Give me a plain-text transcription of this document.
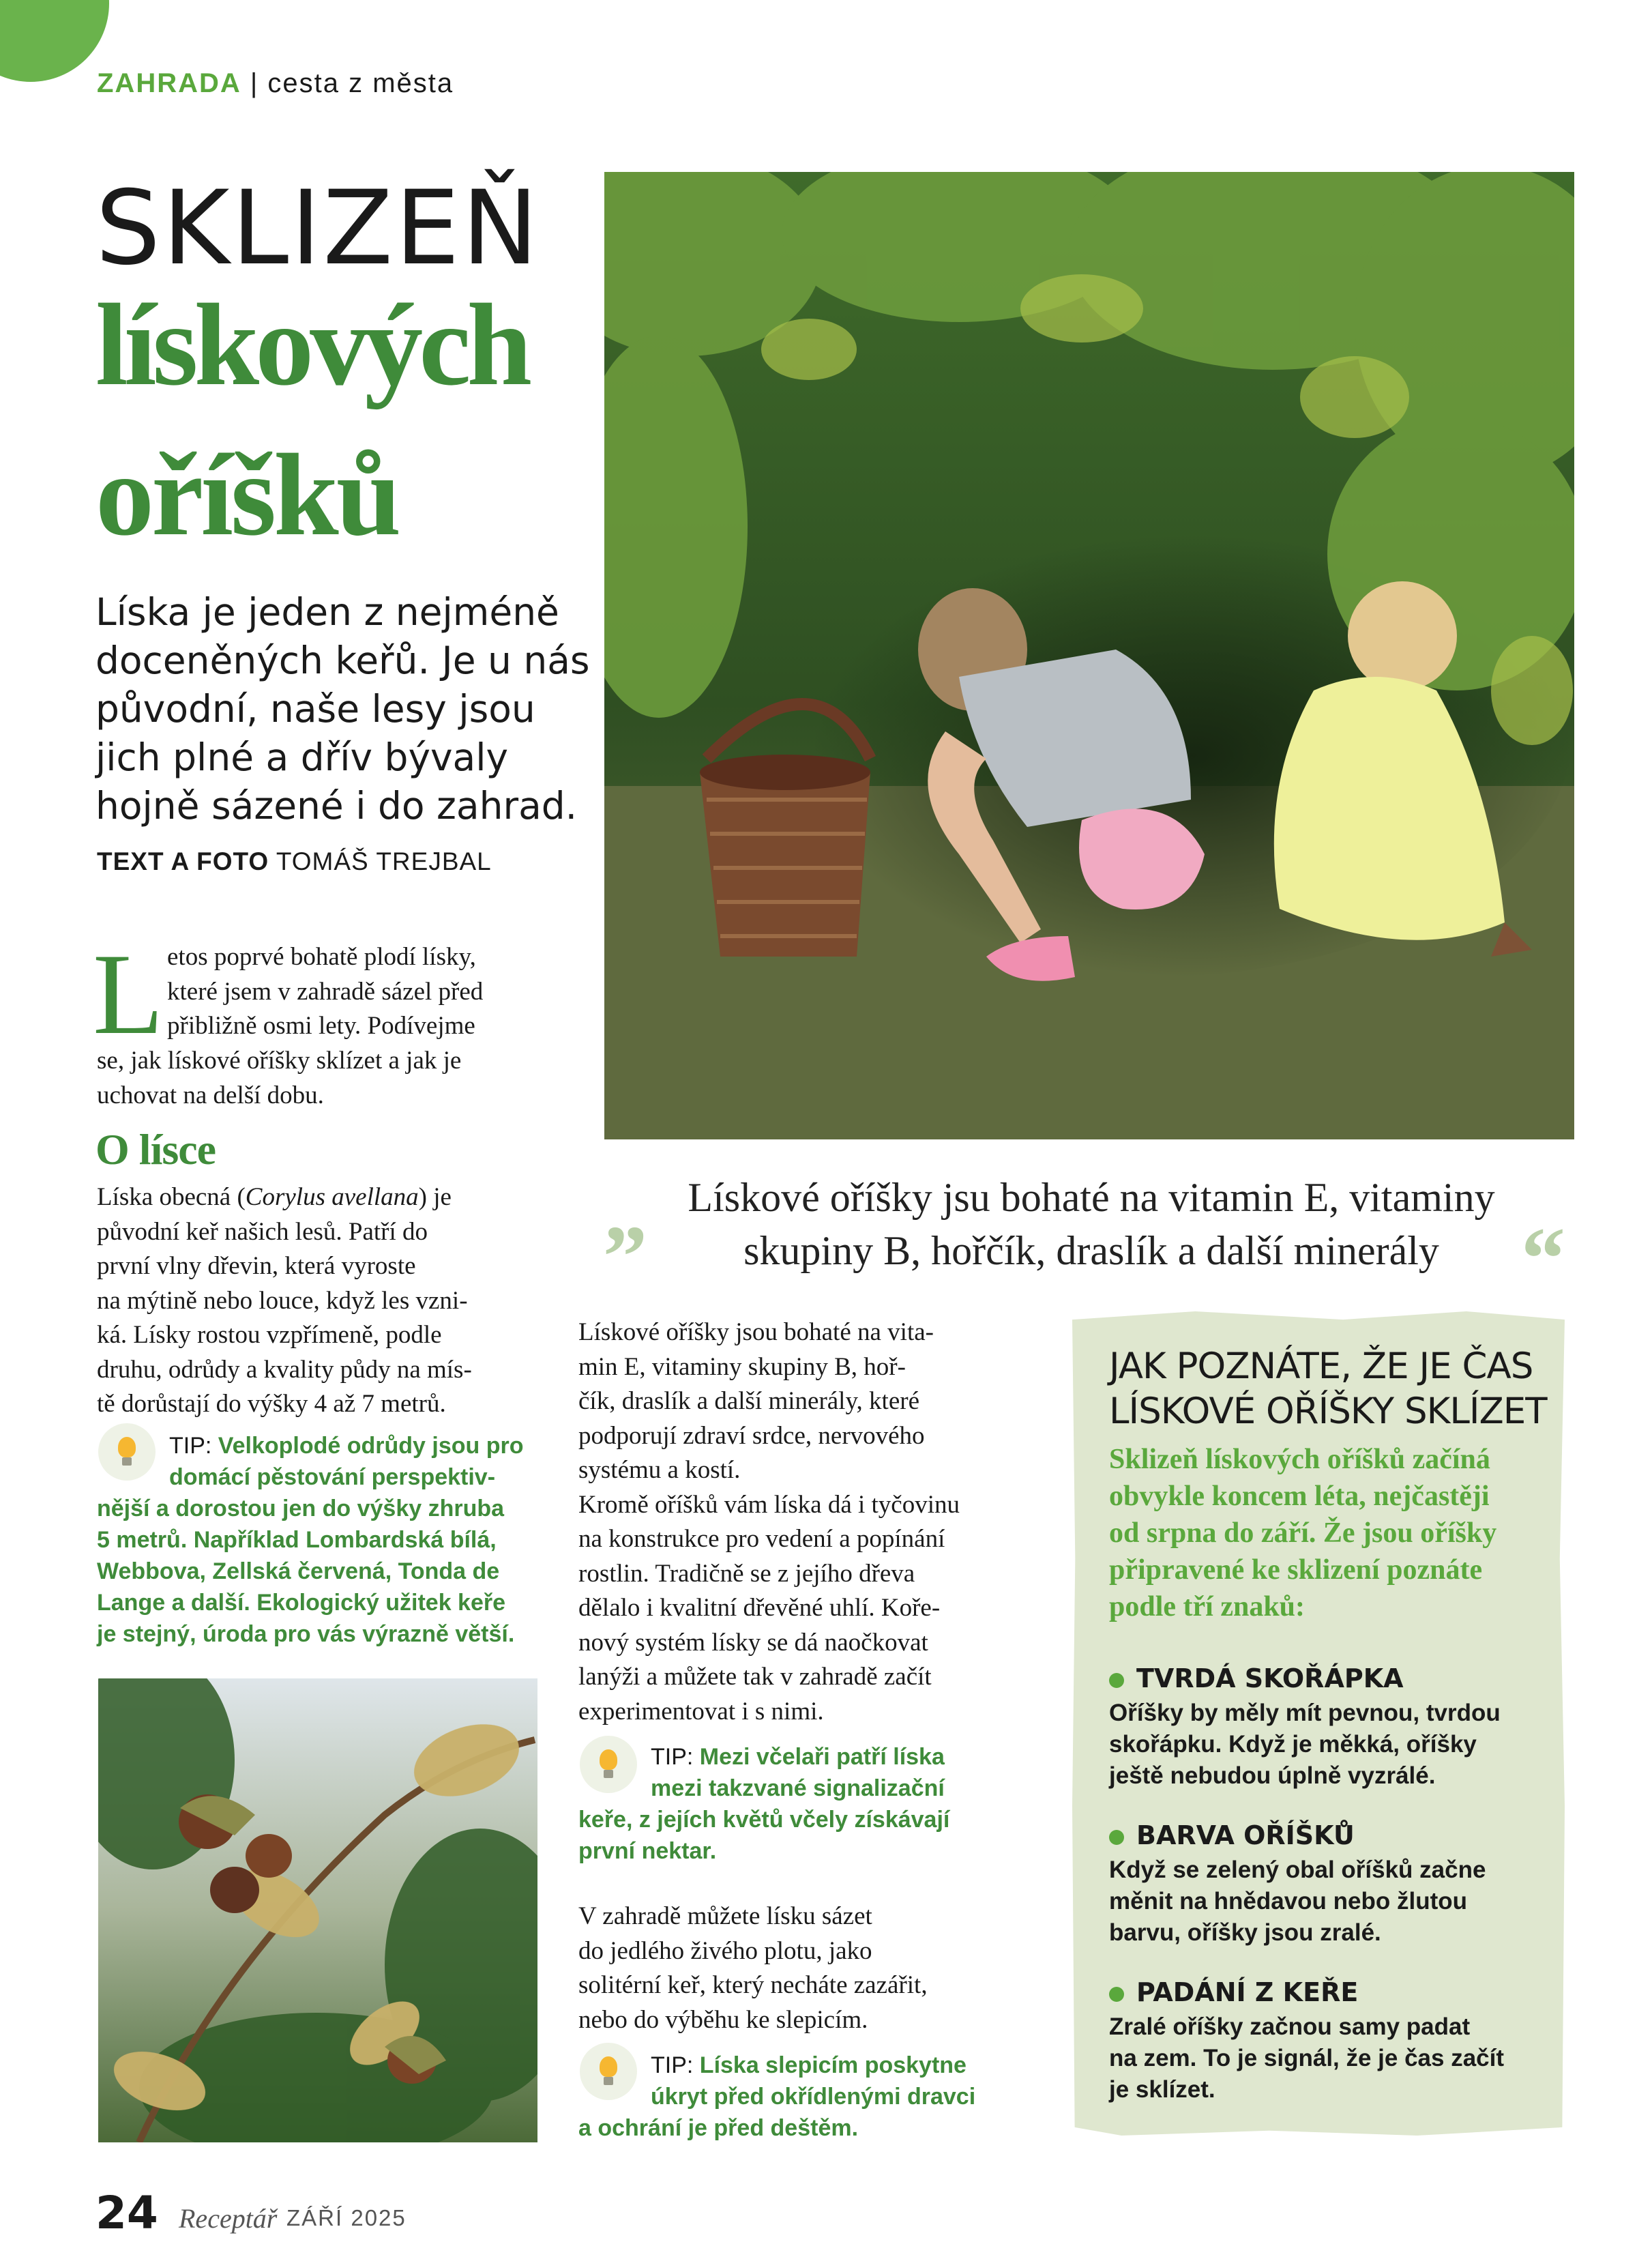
ZAHRADA | cesta z města
SKLIZEŇ
lískových
oříšků
Líska je jeden z nejméně
doceněných keřů. Je u nás
původní, naše lesy jsou
jich plné a dřív bývaly
hojně sázené i do zahrad.
TEXT A FOTO TOMÁŠ TREJBAL
L etos poprvé bohatě plodí lísky,
které jsem v zahradě sázel před
přibližně osmi lety. Podívejme
se, jak lískové oříšky sklízet a jak je
uchovat na delší dobu.
O lísce
Líska obecná (Corylus avellana) je
původní keř našich lesů. Patří do
první vlny dřevin, která vyroste
na mýtině nebo louce, když les vzni-
ká. Lísky rostou vzpřímeně, podle
druhu, odrůdy a kvality půdy na mís-
tě dorůstají do výšky 4 až 7 metrů.
TIP: Velkoplodé odrůdy jsou pro
domácí pěstování perspektiv-
nější a dorostou jen do výšky zhruba
5 metrů. Například Lombardská bílá,
Webbova, Zellská červená, Tonda de
Lange a další. Ekologický užitek keře
je stejný, úroda pro vás výrazně větší.
„ Lískové oříšky jsu bohaté na vitamin E, vitaminy
skupiny B, hořčík, draslík a další minerály “
Lískové oříšky jsou bohaté na vita-
min E, vitaminy skupiny B, hoř-
čík, draslík a další minerály, které
podporují zdraví srdce, nervového
systému a kostí.
Kromě oříšků vám líska dá i tyčovinu
na konstrukce pro vedení a popínání
rostlin. Tradičně se z jejího dřeva
dělalo i kvalitní dřevěné uhlí. Koře-
nový systém lísky se dá naočkovat
lanýži a můžete tak v zahradě začít
experimentovat i s nimi.
TIP: Mezi včelaři patří líska
mezi takzvané signalizační
keře, z jejích květů včely získávají
první nektar.
V zahradě můžete lísku sázet
do jedlého živého plotu, jako
solitérní keř, který necháte zazářit,
nebo do výběhu ke slepicím.
TIP: Líska slepicím poskytne
úkryt před okřídlenými dravci
a ochrání je před deštěm.
JAK POZNÁTE, ŽE JE ČAS
LÍSKOVÉ OŘÍŠKY SKLÍZET
Sklizeň lískových oříšků začíná
obvykle koncem léta, nejčastěji
od srpna do září. Že jsou oříšky
připravené ke sklizení poznáte
podle tří znaků:
TVRDÁ SKOŘÁPKA
Oříšky by měly mít pevnou, tvrdou
skořápku. Když je měkká, oříšky
ještě nebudou úplně vyzrálé.
BARVA OŘÍŠKŮ
Když se zelený obal oříšků začne
měnit na hnědavou nebo žlutou
barvu, oříšky jsou zralé.
PADÁNÍ Z KEŘE
Zralé oříšky začnou samy padat
na zem. To je signál, že je čas začít
je sklízet.
24 Receptář ZÁŘÍ 2025
